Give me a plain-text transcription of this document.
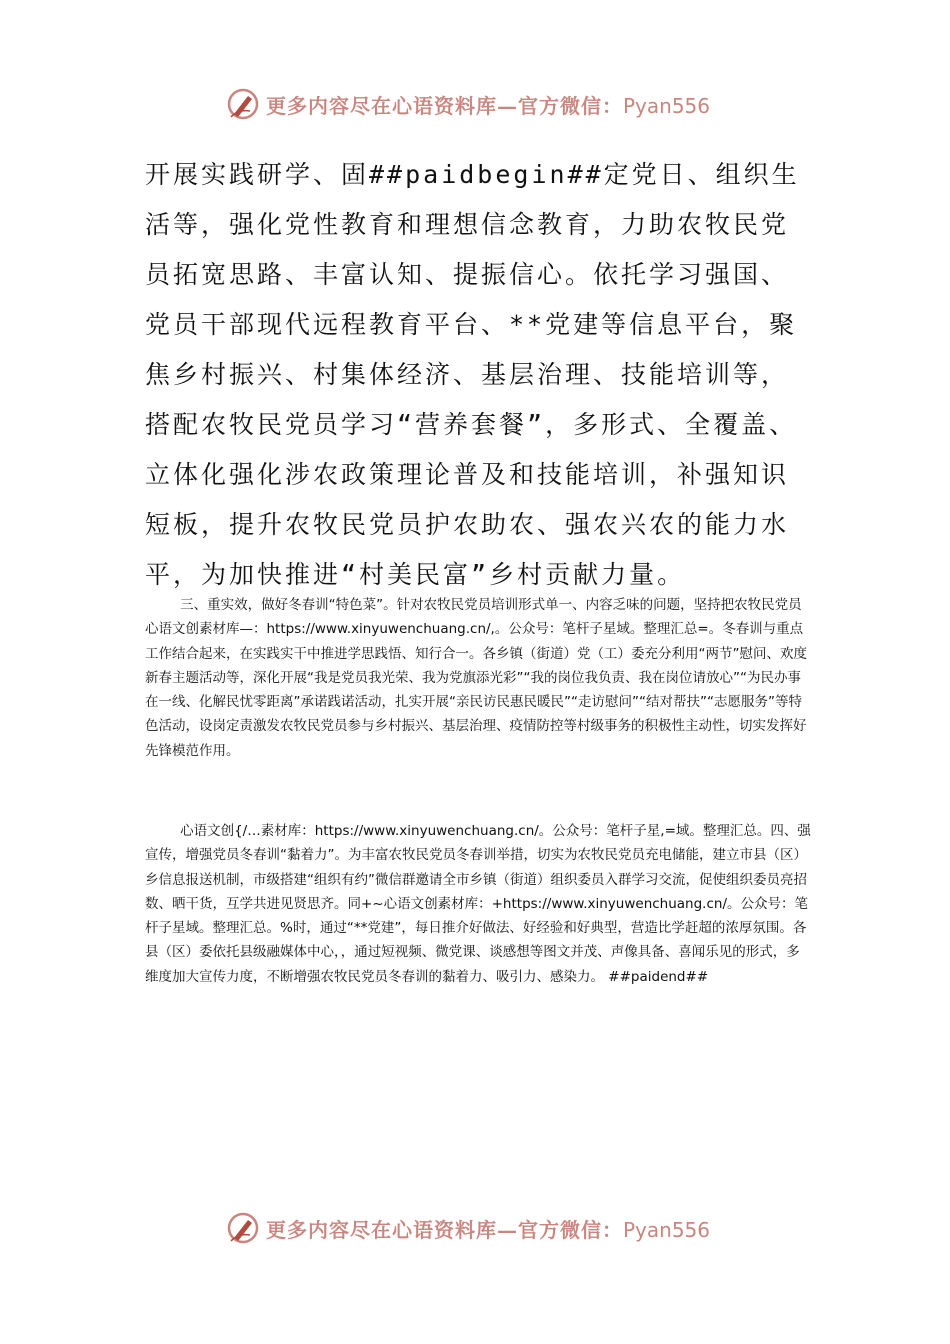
更多内容尽在心语资料库—官方微信：Pyan556

开展实践研学、固##paidbegin##定党日、组织生活等，强化党性教育和理想信念教育，力助农牧民党员拓宽思路、丰富认知、提振信心。依托学习强国、党员干部现代远程教育平台、**党建等信息平台，聚焦乡村振兴、村集体经济、基层治理、技能培训等，搭配农牧民党员学习“营养套餐”，多形式、全覆盖、立体化强化涉农政策理论普及和技能培训，补强知识短板，提升农牧民党员护农助农、强农兴农的能力水平，为加快推进“村美民富”乡村贡献力量。

三、重实效，做好冬春训“特色菜”。针对农牧民党员培训形式单一、内容乏味的问题，坚持把农牧民党员心语文创素材库—：https://www.xinyuwenchuang.cn/,。公众号：笔杆子星域。整理汇总=。冬春训与重点工作结合起来，在实践实干中推进学思践悟、知行合一。各乡镇（街道）党（工）委充分利用“两节”慰问、欢度新春主题活动等，深化开展“我是党员我光荣、我为党旗添光彩”“我的岗位我负责、我在岗位请放心”“为民办事在一线、化解民忧零距离”承诺践诺活动，扎实开展“亲民访民惠民暖民”“走访慰问”“结对帮扶”“志愿服务”等特色活动，设岗定责激发农牧民党员参与乡村振兴、基层治理、疫情防控等村级事务的积极性主动性，切实发挥好先锋模范作用。

心语文创{/…素材库：https://www.xinyuwenchuang.cn/。公众号：笔杆子星,=域。整理汇总。四、强宣传，增强党员冬春训“黏着力”。为丰富农牧民党员冬春训举措，切实为农牧民党员充电储能，建立市县（区）乡信息报送机制，市级搭建“组织有约”微信群邀请全市乡镇（街道）组织委员入群学习交流，促使组织委员亮招数、晒干货，互学共进见贤思齐。同+~心语文创素材库：+https://www.xinyuwenchuang.cn/。公众号：笔杆子星域。整理汇总。%时，通过“**党建”，每日推介好做法、好经验和好典型，营造比学赶超的浓厚氛围。各县（区）委依托县级融媒体中心，，通过短视频、微党课、谈感想等图文并茂、声像具备、喜闻乐见的形式，多维度加大宣传力度，不断增强农牧民党员冬春训的黏着力、吸引力、感染力。 ##paidend##

更多内容尽在心语资料库—官方微信：Pyan556
